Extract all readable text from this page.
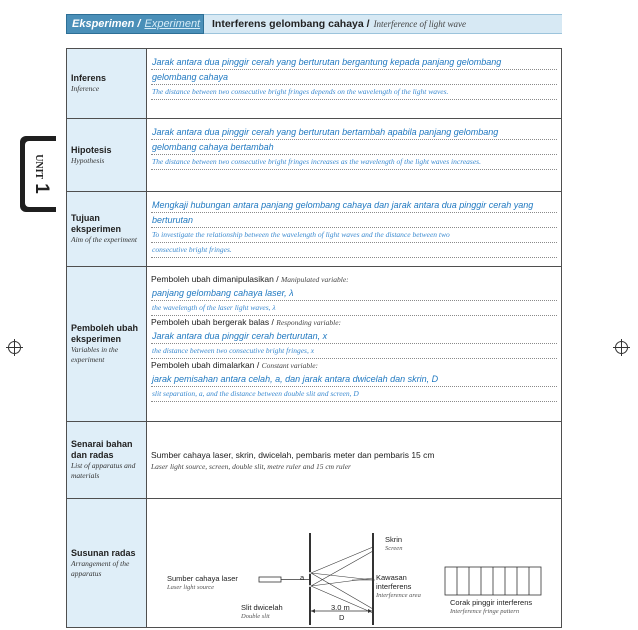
Eksperimen / Experiment Interferens gelombang cahaya / Interference of light wave
UNIT1
Inferens
Inference
Jarak antara dua pinggir cerah yang berturutan bergantung kepada panjang gelombang
gelombang cahaya
The distance between two consecutive bright fringes depends on the wavelength of the light waves.
Hipotesis
Hypothesis
Jarak antara dua pinggir cerah yang berturutan bertambah apabila panjang gelombang
gelombang cahaya bertambah
The distance between two consecutive bright fringes increases as the wavelength of the light waves increases.
Tujuan eksperimen
Aim of the experiment
Mengkaji hubungan antara panjang gelombang cahaya dan jarak antara dua pinggir cerah yang
berturutan
To investigate the relationship between the wavelength of light waves and the distance between two
consecutive bright fringes.
Pemboleh ubah eksperimen
Variables in the experiment
Pemboleh ubah dimanipulasikan / Manipulated variable:
panjang gelombang cahaya laser, λ
the wavelength of the laser light waves, λ
Pemboleh ubah bergerak balas / Responding variable:
Jarak antara dua pinggir cerah berturutan, x
the distance between two consecutive bright fringes, x
Pemboleh ubah dimalarkan / Constant variable:
jarak pemisahan antara celah, a, dan jarak antara dwicelah dan skrin, D
slit separation, a, and the distance between double slit and screen, D
Senarai bahan dan radas
List of apparatus and materials
Sumber cahaya laser, skrin, dwicelah, pembaris meter dan pembaris 15 cm
Laser light source, screen, double slit, metre ruler and 15 cm ruler
Susunan radas
Arrangement of the apparatus
Sumber cahaya laser
Laser light source
a
Slit dwicelah
Double slit
Skrin
Screen
Kawasan interferens
Interference area
3.0 m
D
Corak pinggir interferens
Interference fringe pattern
